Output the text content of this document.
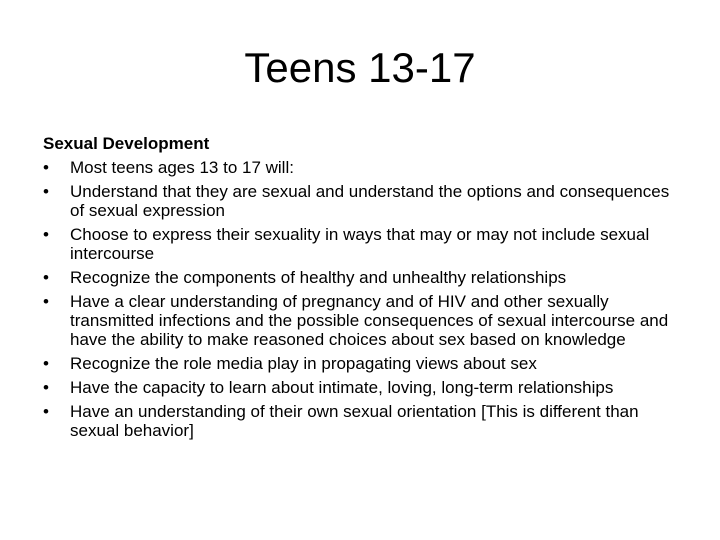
Teens 13-17
Sexual Development
•	Most teens ages 13 to 17 will:
•	Understand that they are sexual and understand the options and consequences of sexual expression
•	Choose to express their sexuality in ways that may or may not include sexual intercourse
•	Recognize the components of healthy and unhealthy relationships
•	Have a clear understanding of pregnancy and of HIV and other sexually transmitted infections and the possible consequences of sexual intercourse and have the ability to make reasoned choices about sex based on knowledge
•	Recognize the role media play in propagating views about sex
•	Have the capacity to learn about intimate, loving, long-term relationships
•	Have an understanding of their own sexual orientation [This is different than sexual behavior]
